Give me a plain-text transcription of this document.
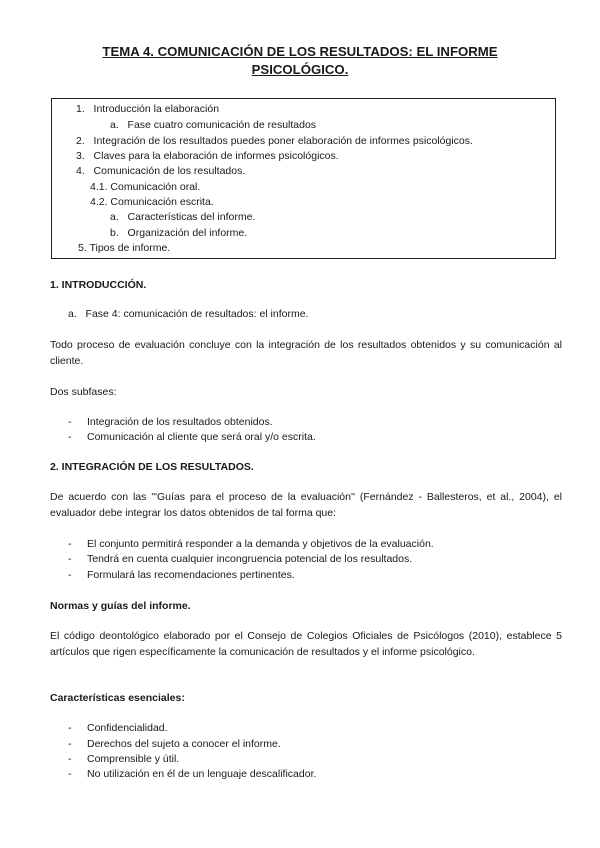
TEMA 4. COMUNICACIÓN DE LOS RESULTADOS: EL INFORME
PSICOLÓGICO.
1. Introducción la elaboración
a. Fase cuatro comunicación de resultados
2. Integración de los resultados puedes poner elaboración de informes psicológicos.
3. Claves para la elaboración de informes psicológicos.
4. Comunicación de los resultados.
4.1. Comunicación oral.
4.2. Comunicación escrita.
a. Características del informe.
b. Organización del informe.
5. Tipos de informe.
1. INTRODUCCIÓN.
a. Fase 4: comunicación de resultados: el informe.
Todo proceso de evaluación concluye con la integración de los resultados obtenidos y su comunicación al cliente.
Dos subfases:
- Integración de los resultados obtenidos.
- Comunicación al cliente que será oral y/o escrita.
2. INTEGRACIÓN DE LOS RESULTADOS.
De acuerdo con las '"Guías para el proceso de la evaluación'' (Fernández - Ballesteros, et al., 2004), el evaluador debe integrar los datos obtenidos de tal forma que:
- El conjunto permitirá responder a la demanda y objetivos de la evaluación.
- Tendrá en cuenta cualquier incongruencia potencial de los resultados.
- Formulará las recomendaciones pertinentes.
Normas y guías del informe.
El código deontológico elaborado por el Consejo de Colegios Oficiales de Psicólogos (2010), establece 5 artículos que rigen específicamente la comunicación de resultados y el informe psicológico.
Características esenciales:
- Confidencialidad.
- Derechos del sujeto a conocer el informe.
- Comprensible y útil.
- No utilización en él de un lenguaje descalificador.
